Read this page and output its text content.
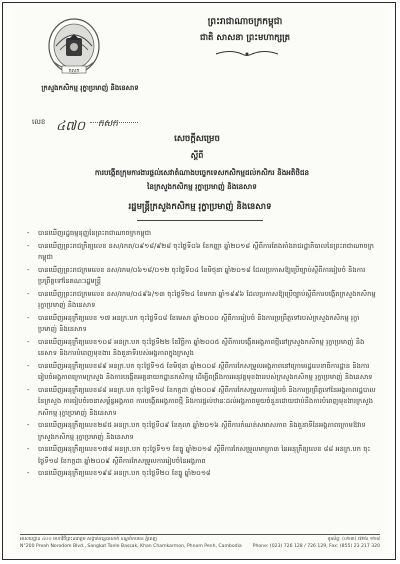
កសក
ក្រសួងកសិកម្ម រុក្ខាប្រមាញ់ និងនេសាទ
លេខ ៤៧០ កសក
ព្រះរាជាណាចក្រកម្ពុជា
ជាតិ សាសនា ព្រះមហាក្សត្រ
សេចក្តីសម្រេច
ស្តីពី
ការបង្កើតក្រុមការងារផ្តល់សេវាតំណាងបច្ចេកទេសកសិកម្មដល់កសិករ និងអតិថិជន
នៃក្រសួងកសិកម្ម រុក្ខាប្រមាញ់ និងនេសាទ
រដ្ឋមន្ត្រីក្រសួងកសិកម្ម រុក្ខាប្រមាញ់ និងនេសាទ
- បានឃើញរដ្ឋធម្មនុញ្ញនៃព្រះរាជាណាចក្រកម្ពុជា
- បានឃើញព្រះរាជក្រឹត្យលេខ នស/រកត/០៩១៨/៩២៨ ចុះថ្ងៃទី០៦ ខែកញ្ញា ឆ្នាំ២០១៨ ស្តីពីការតែងតាំងរាជរដ្ឋាភិបាលនៃព្រះរាជាណាចក្រកម្ពុជា
- បានឃើញព្រះរាជក្រមលេខ នស/រកម/០៦១៨/០១២ ចុះថ្ងៃទី០៤ ខែមិថុនា ឆ្នាំ២០១៨ ដែលប្រកាសឱ្យប្រើច្បាប់ស្តីពីការរៀបចំ និងការប្រព្រឹត្តទៅនៃគណៈរដ្ឋមន្ត្រី
- បានឃើញព្រះរាជក្រមលេខ នស/រកម/០៤៩៦/១៣ ចុះថ្ងៃទី២៤ ខែមករា ឆ្នាំ១៩៩៦ ដែលប្រកាសឱ្យប្រើច្បាប់ស្តីពីការបង្កើតក្រសួងកសិកម្ម រុក្ខាប្រមាញ់ និងនេសាទ
- បានឃើញអនុក្រឹត្យលេខ ១៧ អនក្រ.បក ចុះថ្ងៃទី០៨ ខែមេសា ឆ្នាំ២០០០ ស្តីពីការរៀបចំ និងការប្រព្រឹត្តទៅរបស់ក្រសួងកសិកម្ម រុក្ខាប្រមាញ់ និងនេសាទ
- បានឃើញអនុក្រឹត្យលេខ១០៨ អនក្រ.បក ចុះថ្ងៃទី២២ ខែវិច្ឆិកា ឆ្នាំ២០០៥ ស្តីពីការបង្កើតអង្គភាពថ្មីនៅក្រសួងកសិកម្ម រុក្ខាប្រមាញ់ និងនេសាទ និងការបំពេញមុខងារ និងតួនាទីរបស់អង្គភាពក្នុងក្រសួង
- បានឃើញអនុក្រឹត្យលេខ៨៩ អនក្រ.បក ចុះថ្ងៃទី១៥ ខែមិថុនា ឆ្នាំ២០០៨ ស្តីពីការកែសម្រួលអង្គភាពនៅក្រោមរដ្ឋលេខាធិការដ្ឋាន និងការរៀបចំអង្គភាពក្រោមក្រសួង និងការបង្កើតអគ្គនាយកដ្ឋានកសិកម្ម ដើម្បីពង្រឹងការអនុវត្តមុខងាររបស់ក្រសួងកសិកម្ម រុក្ខាប្រមាញ់ និងនេសាទ
- បានឃើញអនុក្រឹត្យលេខ៨៨ អនក្រ.បក ចុះថ្ងៃទី១៨ ខែកក្កដា ឆ្នាំ២០០៩ ស្តីពីការកែសម្រួលការរៀបចំ និងការប្រព្រឹត្តទៅនៃអង្គភាពរដ្ឋបាលនៃក្រសួង ការរៀបចំរចនាសម្ព័ន្ធអង្គភាព ការបង្កើតអង្គភាពថ្មី និងការផ្តល់ឋានៈដល់អង្គភាពមួយចំនួនដោយជាប់នឹងការបំពេញមុខងារក្រសួងកសិកម្ម រុក្ខាប្រមាញ់ និងនេសាទ
- បានឃើញអនុក្រឹត្យលេខ២៨៥ អនក្រ.បក ចុះថ្ងៃទី០៩ ខែតុលា ឆ្នាំ២០១៦ ស្តីពីការកំណត់សមាសភាព និងតួនាទីនៃអង្គភាពក្រោមឱវាទក្រសួងកសិកម្ម រុក្ខាប្រមាញ់ និងនេសាទ
- បានឃើញអនុក្រឹត្យលេខ១៧៨ អនក្រ.បក ចុះថ្ងៃទី១១ ខែធ្នូ ឆ្នាំ២០១៨ ស្តីពីការកែសម្រួលមាត្រា៣ នៃអនុក្រឹត្យលេខ ៨៨ អនក្រ.បក ចុះថ្ងៃទី១៨ ខែកក្កដា ឆ្នាំ២០០៩ ស្តីពីការកែសម្រួលការរៀបចំនៃអង្គភាព
- បានឃើញអនុក្រឹត្យលេខ១៩៨ អនក្រ.បក ចុះថ្ងៃទី២០ ខែធ្នូ ឆ្នាំ២០១៨
អាសយដ្ឋាន ៤០០ មហាវិថីព្រះនរោត្តម សង្កាត់ទន្លេបាសាក់ ខណ្ឌចំការមន ភ្នំពេញ
N°200 Preah Norodom Blvd., Sangkat Tonle Bassak, Khan Chamkarmon, Phnom Penh, Cambodia
ទូរស័ព្ទ: (០២៣) ៧២៦ ១២៨
Phone: (023) 726 128 / 726 129, Fax: (855) 23 217 320
